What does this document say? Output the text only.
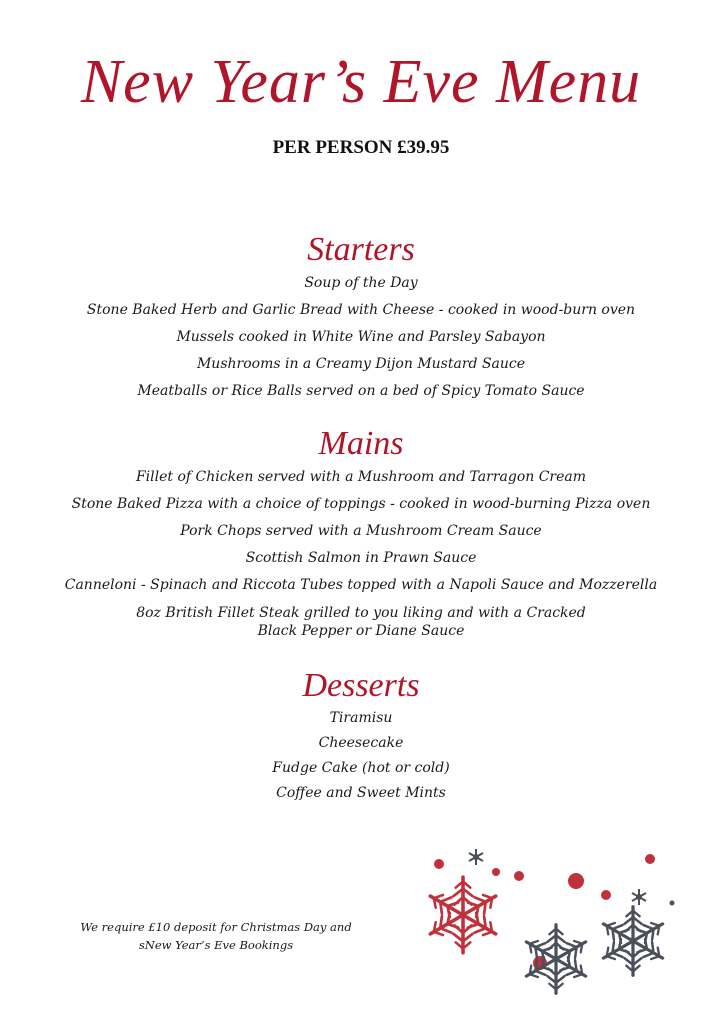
New Year’s Eve Menu
PER PERSON £39.95
Starters
Soup of the Day
Stone Baked Herb and Garlic Bread with Cheese - cooked in wood-burn oven
Mussels cooked in White Wine and Parsley Sabayon
Mushrooms in a Creamy Dijon Mustard Sauce
Meatballs or Rice Balls served on a bed of Spicy Tomato Sauce
Mains
Fillet of Chicken served with a Mushroom and Tarragon Cream
Stone Baked Pizza with a choice of toppings - cooked in wood-burning Pizza oven
Pork Chops served with a Mushroom Cream Sauce
Scottish Salmon in Prawn Sauce
Canneloni - Spinach and Riccota Tubes topped with a Napoli Sauce and Mozzerella
8oz British Fillet Steak grilled to you liking and with a Cracked
Black Pepper or Diane Sauce
Desserts
Tiramisu
Cheesecake
Fudge Cake (hot or cold)
Coffee and Sweet Mints
We require £10 deposit for Christmas Day and
sNew Year’s Eve Bookings
